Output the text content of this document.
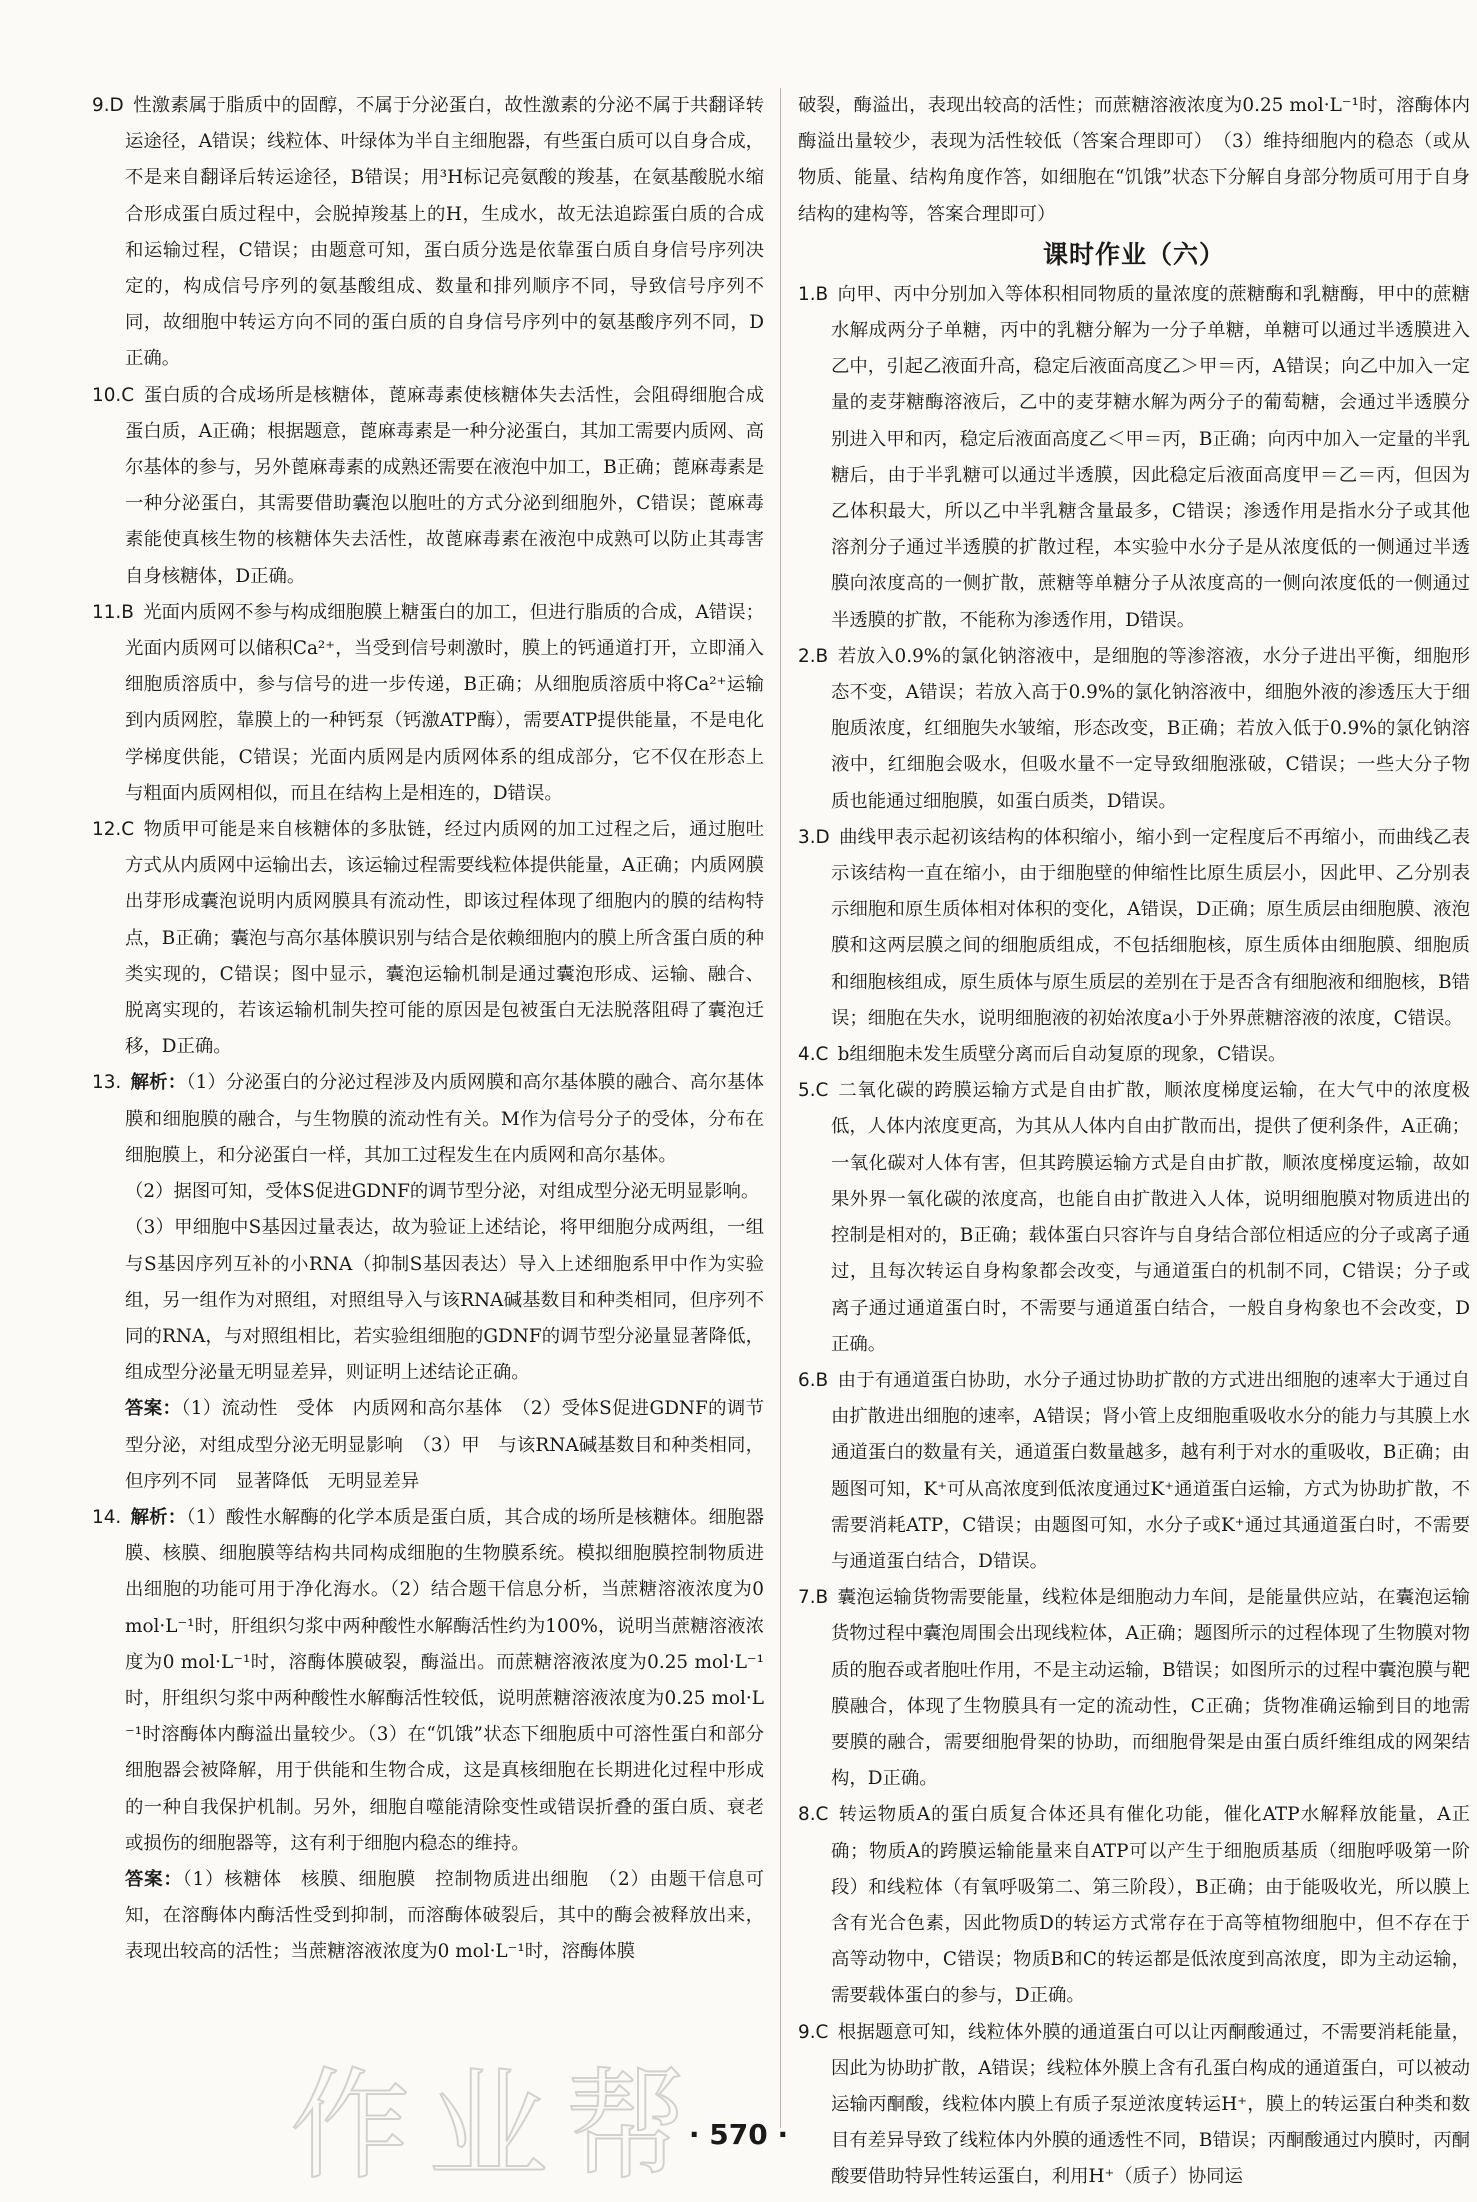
9.D  性激素属于脂质中的固醇，不属于分泌蛋白，故性激素的分泌不属于共翻译转运途径，A错误；线粒体、叶绿体为半自主细胞器，有些蛋白质可以自身合成，不是来自翻译后转运途径，B错误；用³H标记亮氨酸的羧基，在氨基酸脱水缩合形成蛋白质过程中，会脱掉羧基上的H，生成水，故无法追踪蛋白质的合成和运输过程，C错误；由题意可知，蛋白质分选是依靠蛋白质自身信号序列决定的，构成信号序列的氨基酸组成、数量和排列顺序不同，导致信号序列不同，故细胞中转运方向不同的蛋白质的自身信号序列中的氨基酸序列不同，D正确。

10.C  蛋白质的合成场所是核糖体，蓖麻毒素使核糖体失去活性，会阻碍细胞合成蛋白质，A正确；根据题意，蓖麻毒素是一种分泌蛋白，其加工需要内质网、高尔基体的参与，另外蓖麻毒素的成熟还需要在液泡中加工，B正确；蓖麻毒素是一种分泌蛋白，其需要借助囊泡以胞吐的方式分泌到细胞外，C错误；蓖麻毒素能使真核生物的核糖体失去活性，故蓖麻毒素在液泡中成熟可以防止其毒害自身核糖体，D正确。

11.B  光面内质网不参与构成细胞膜上糖蛋白的加工，但进行脂质的合成，A错误；光面内质网可以储积Ca²⁺，当受到信号刺激时，膜上的钙通道打开，立即涌入细胞质溶质中，参与信号的进一步传递，B正确；从细胞质溶质中将Ca²⁺运输到内质网腔，靠膜上的一种钙泵（钙激ATP酶），需要ATP提供能量，不是电化学梯度供能，C错误；光面内质网是内质网体系的组成部分，它不仅在形态上与粗面内质网相似，而且在结构上是相连的，D错误。

12.C  物质甲可能是来自核糖体的多肽链，经过内质网的加工过程之后，通过胞吐方式从内质网中运输出去，该运输过程需要线粒体提供能量，A正确；内质网膜出芽形成囊泡说明内质网膜具有流动性，即该过程体现了细胞内的膜的结构特点，B正确；囊泡与高尔基体膜识别与结合是依赖细胞内的膜上所含蛋白质的种类实现的，C错误；图中显示，囊泡运输机制是通过囊泡形成、运输、融合、脱离实现的，若该运输机制失控可能的原因是包被蛋白无法脱落阻碍了囊泡迁移，D正确。

13.  解析：（1）分泌蛋白的分泌过程涉及内质网膜和高尔基体膜的融合、高尔基体膜和细胞膜的融合，与生物膜的流动性有关。M作为信号分子的受体，分布在细胞膜上，和分泌蛋白一样，其加工过程发生在内质网和高尔基体。

（2）据图可知，受体S促进GDNF的调节型分泌，对组成型分泌无明显影响。

（3）甲细胞中S基因过量表达，故为验证上述结论，将甲细胞分成两组，一组与S基因序列互补的小RNA（抑制S基因表达）导入上述细胞系甲中作为实验组，另一组作为对照组，对照组导入与该RNA碱基数目和种类相同，但序列不同的RNA，与对照组相比，若实验组细胞的GDNF的调节型分泌量显著降低，组成型分泌量无明显差异，则证明上述结论正确。

答案：（1）流动性　受体　内质网和高尔基体　（2）受体S促进GDNF的调节型分泌，对组成型分泌无明显影响　（3）甲　与该RNA碱基数目和种类相同，但序列不同　显著降低　无明显差异

14.  解析：（1）酸性水解酶的化学本质是蛋白质，其合成的场所是核糖体。细胞器膜、核膜、细胞膜等结构共同构成细胞的生物膜系统。模拟细胞膜控制物质进出细胞的功能可用于净化海水。（2）结合题干信息分析，当蔗糖溶液浓度为0 mol·L⁻¹时，肝组织匀浆中两种酸性水解酶活性约为100%，说明当蔗糖溶液浓度为0 mol·L⁻¹时，溶酶体膜破裂，酶溢出。而蔗糖溶液浓度为0.25 mol·L⁻¹时，肝组织匀浆中两种酸性水解酶活性较低，说明蔗糖溶液浓度为0.25 mol·L⁻¹时溶酶体内酶溢出量较少。（3）在“饥饿”状态下细胞质中可溶性蛋白和部分细胞器会被降解，用于供能和生物合成，这是真核细胞在长期进化过程中形成的一种自我保护机制。另外，细胞自噬能清除变性或错误折叠的蛋白质、衰老或损伤的细胞器等，这有利于细胞内稳态的维持。

答案：（1）核糖体　核膜、细胞膜　控制物质进出细胞　（2）由题干信息可知，在溶酶体内酶活性受到抑制，而溶酶体破裂后，其中的酶会被释放出来，表现出较高的活性；当蔗糖溶液浓度为0 mol·L⁻¹时，溶酶体膜

破裂，酶溢出，表现出较高的活性；而蔗糖溶液浓度为0.25 mol·L⁻¹时，溶酶体内酶溢出量较少，表现为活性较低（答案合理即可）　（3）维持细胞内的稳态（或从物质、能量、结构角度作答，如细胞在“饥饿”状态下分解自身部分物质可用于自身结构的建构等，答案合理即可）

课时作业（六）

1.B  向甲、丙中分别加入等体积相同物质的量浓度的蔗糖酶和乳糖酶，甲中的蔗糖水解成两分子单糖，丙中的乳糖分解为一分子单糖，单糖可以通过半透膜进入乙中，引起乙液面升高，稳定后液面高度乙＞甲＝丙，A错误；向乙中加入一定量的麦芽糖酶溶液后，乙中的麦芽糖水解为两分子的葡萄糖，会通过半透膜分别进入甲和丙，稳定后液面高度乙＜甲＝丙，B正确；向丙中加入一定量的半乳糖后，由于半乳糖可以通过半透膜，因此稳定后液面高度甲＝乙＝丙，但因为乙体积最大，所以乙中半乳糖含量最多，C错误；渗透作用是指水分子或其他溶剂分子通过半透膜的扩散过程，本实验中水分子是从浓度低的一侧通过半透膜向浓度高的一侧扩散，蔗糖等单糖分子从浓度高的一侧向浓度低的一侧通过半透膜的扩散，不能称为渗透作用，D错误。

2.B  若放入0.9%的氯化钠溶液中，是细胞的等渗溶液，水分子进出平衡，细胞形态不变，A错误；若放入高于0.9%的氯化钠溶液中，细胞外液的渗透压大于细胞质浓度，红细胞失水皱缩，形态改变，B正确；若放入低于0.9%的氯化钠溶液中，红细胞会吸水，但吸水量不一定导致细胞涨破，C错误；一些大分子物质也能通过细胞膜，如蛋白质类，D错误。

3.D  曲线甲表示起初该结构的体积缩小，缩小到一定程度后不再缩小，而曲线乙表示该结构一直在缩小，由于细胞壁的伸缩性比原生质层小，因此甲、乙分别表示细胞和原生质体相对体积的变化，A错误，D正确；原生质层由细胞膜、液泡膜和这两层膜之间的细胞质组成，不包括细胞核，原生质体由细胞膜、细胞质和细胞核组成，原生质体与原生质层的差别在于是否含有细胞液和细胞核，B错误；细胞在失水，说明细胞液的初始浓度a小于外界蔗糖溶液的浓度，C错误。

4.C  b组细胞未发生质壁分离而后自动复原的现象，C错误。

5.C  二氧化碳的跨膜运输方式是自由扩散，顺浓度梯度运输，在大气中的浓度极低，人体内浓度更高，为其从人体内自由扩散而出，提供了便利条件，A正确；一氧化碳对人体有害，但其跨膜运输方式是自由扩散，顺浓度梯度运输，故如果外界一氧化碳的浓度高，也能自由扩散进入人体，说明细胞膜对物质进出的控制是相对的，B正确；载体蛋白只容许与自身结合部位相适应的分子或离子通过，且每次转运自身构象都会改变，与通道蛋白的机制不同，C错误；分子或离子通过通道蛋白时，不需要与通道蛋白结合，一般自身构象也不会改变，D正确。

6.B  由于有通道蛋白协助，水分子通过协助扩散的方式进出细胞的速率大于通过自由扩散进出细胞的速率，A错误；肾小管上皮细胞重吸收水分的能力与其膜上水通道蛋白的数量有关，通道蛋白数量越多，越有利于对水的重吸收，B正确；由题图可知，K⁺可从高浓度到低浓度通过K⁺通道蛋白运输，方式为协助扩散，不需要消耗ATP，C错误；由题图可知，水分子或K⁺通过其通道蛋白时，不需要与通道蛋白结合，D错误。

7.B  囊泡运输货物需要能量，线粒体是细胞动力车间，是能量供应站，在囊泡运输货物过程中囊泡周围会出现线粒体，A正确；题图所示的过程体现了生物膜对物质的胞吞或者胞吐作用，不是主动运输，B错误；如图所示的过程中囊泡膜与靶膜融合，体现了生物膜具有一定的流动性，C正确；货物准确运输到目的地需要膜的融合，需要细胞骨架的协助，而细胞骨架是由蛋白质纤维组成的网架结构，D正确。

8.C  转运物质A的蛋白质复合体还具有催化功能，催化ATP水解释放能量，A正确；物质A的跨膜运输能量来自ATP可以产生于细胞质基质（细胞呼吸第一阶段）和线粒体（有氧呼吸第二、第三阶段），B正确；由于能吸收光，所以膜上含有光合色素，因此物质D的转运方式常存在于高等植物细胞中，但不存在于高等动物中，C错误；物质B和C的转运都是低浓度到高浓度，即为主动运输，需要载体蛋白的参与，D正确。

9.C  根据题意可知，线粒体外膜的通道蛋白可以让丙酮酸通过，不需要消耗能量，因此为协助扩散，A错误；线粒体外膜上含有孔蛋白构成的通道蛋白，可以被动运输丙酮酸，线粒体内膜上有质子泵逆浓度转运H⁺，膜上的转运蛋白种类和数目有差异导致了线粒体内外膜的通透性不同，B错误；丙酮酸通过内膜时，丙酮酸要借助特异性转运蛋白，利用H⁺（质子）协同运

· 570 ·
作业帮
